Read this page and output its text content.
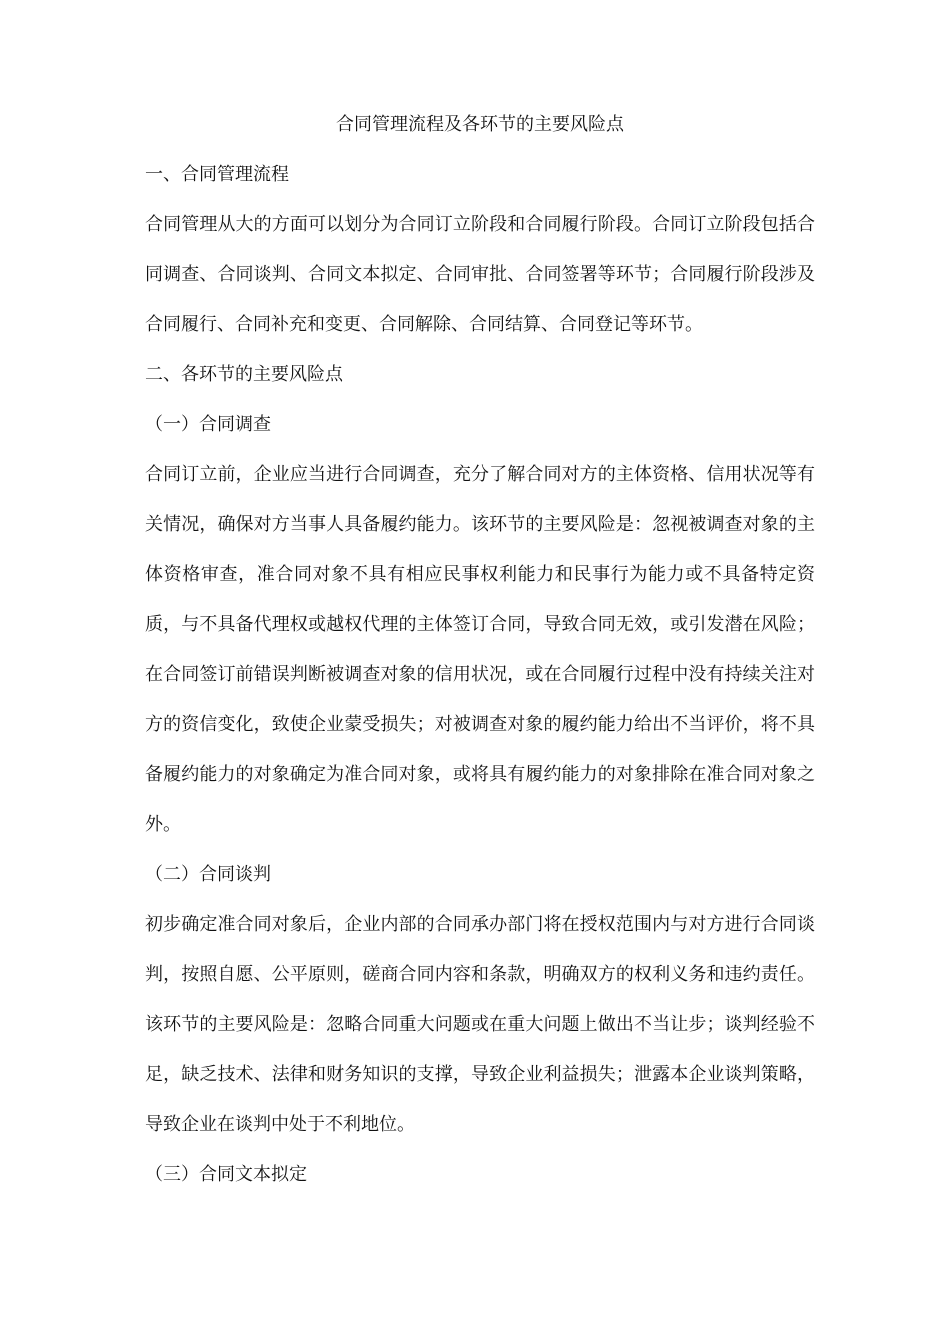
合同管理流程及各环节的主要风险点
一、合同管理流程

合同管理从大的方面可以划分为合同订立阶段和合同履行阶段。合同订立阶段包括合同调查、合同谈判、合同文本拟定、合同审批、合同签署等环节；合同履行阶段涉及合同履行、合同补充和变更、合同解除、合同结算、合同登记等环节。

二、各环节的主要风险点
（一）合同调查

合同订立前，企业应当进行合同调查，充分了解合同对方的主体资格、信用状况等有关情况，确保对方当事人具备履约能力。该环节的主要风险是：忽视被调查对象的主体资格审查，准合同对象不具有相应民事权利能力和民事行为能力或不具备特定资质，与不具备代理权或越权代理的主体签订合同，导致合同无效，或引发潜在风险；在合同签订前错误判断被调查对象的信用状况，或在合同履行过程中没有持续关注对方的资信变化，致使企业蒙受损失；对被调查对象的履约能力给出不当评价，将不具备履约能力的对象确定为准合同对象，或将具有履约能力的对象排除在准合同对象之外。

（二）合同谈判

初步确定准合同对象后，企业内部的合同承办部门将在授权范围内与对方进行合同谈判，按照自愿、公平原则，磋商合同内容和条款，明确双方的权利义务和违约责任。该环节的主要风险是：忽略合同重大问题或在重大问题上做出不当让步；谈判经验不足，缺乏技术、法律和财务知识的支撑，导致企业利益损失；泄露本企业谈判策略，导致企业在谈判中处于不利地位。

（三）合同文本拟定
